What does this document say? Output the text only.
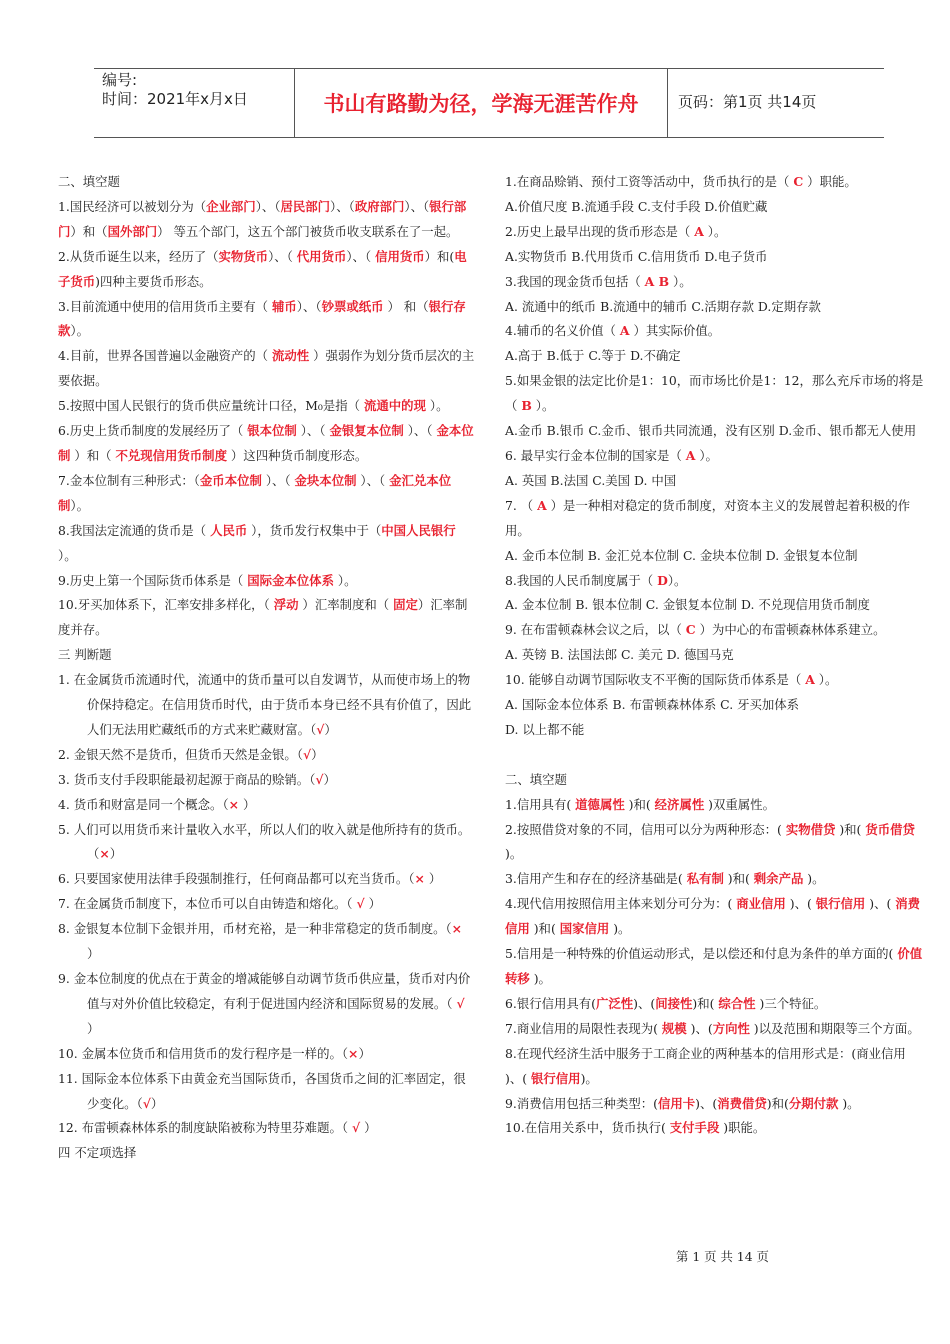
编号:
时间：2021年x月x日	书山有路勤为径，学海无涯苦作舟	页码：第1页 共14页

二、填空题

1.国民经济可以被划分为（企业部门）、（居民部门）、（政府部门）、（银行部门）和（国外部门） 等五个部门，这五个部门被货币收支联系在了一起。

2.从货币诞生以来，经历了（实物货币）、（ 代用货币）、（ 信用货币）和(电子货币)四种主要货币形态。

3.目前流通中使用的信用货币主要有（ 辅币）、（钞票或纸币 ） 和（银行存款）。

4.目前，世界各国普遍以金融资产的（ 流动性 ）强弱作为划分货币层次的主要依据。

5.按照中国人民银行的货币供应量统计口径，M₀是指（ 流通中的现 ）。

6.历史上货币制度的发展经历了（ 银本位制 ）、（ 金银复本位制 ）、（ 金本位制 ）和（ 不兑现信用货币制度 ）这四种货币制度形态。

7.金本位制有三种形式：（金币本位制 ）、（ 金块本位制 ）、（ 金汇兑本位制）。

8.我国法定流通的货币是（ 人民币 ），货币发行权集中于（中国人民银行 ）。

9.历史上第一个国际货币体系是（ 国际金本位体系 ）。

10.牙买加体系下，汇率安排多样化，（ 浮动 ）汇率制度和（ 固定）汇率制度并存。

三 判断题

1. 在金属货币流通时代，流通中的货币量可以自发调节，从而使市场上的物价保持稳定。在信用货币时代，由于货币本身已经不具有价值了，因此人们无法用贮藏纸币的方式来贮藏财富。（√）

2. 金银天然不是货币，但货币天然是金银。（√）

3. 货币支付手段职能最初起源于商品的赊销。（√）

4. 货币和财富是同一个概念。（× ）

5. 人们可以用货币来计量收入水平，所以人们的收入就是他所持有的货币。（×）

6. 只要国家使用法律手段强制推行，任何商品都可以充当货币。（× ）

7. 在金属货币制度下，本位币可以自由铸造和熔化。（ √ ）

8. 金银复本位制下金银并用，币材充裕，是一种非常稳定的货币制度。（× ）

9. 金本位制度的优点在于黄金的增减能够自动调节货币供应量，货币对内价值与对外价值比较稳定，有利于促进国内经济和国际贸易的发展。（ √ ）

10. 金属本位货币和信用货币的发行程序是一样的。（×）

11. 国际金本位体系下由黄金充当国际货币，各国货币之间的汇率固定，很少变化。（√）

12. 布雷顿森林体系的制度缺陷被称为特里芬难题。（ √ ）

四 不定项选择

1.在商品赊销、预付工资等活动中，货币执行的是（ C ）职能。

A.价值尺度 B.流通手段 C.支付手段 D.价值贮藏

2.历史上最早出现的货币形态是（ A ）。

A.实物货币 B.代用货币 C.信用货币 D.电子货币

3.我国的现金货币包括（ A B ）。

A. 流通中的纸币 B.流通中的辅币 C.活期存款 D.定期存款

4.辅币的名义价值（ A ）其实际价值。

A.高于 B.低于 C.等于 D.不确定

5.如果金银的法定比价是1：10，而市场比价是1：12，那么充斥市场的将是（ B ）。

A.金币 B.银币 C.金币、银币共同流通，没有区别 D.金币、银币都无人使用

6. 最早实行金本位制的国家是（ A ）。

A. 英国 B.法国 C.美国 D. 中国

7. （ A ）是一种相对稳定的货币制度，对资本主义的发展曾起着积极的作用。

A. 金币本位制 B. 金汇兑本位制 C. 金块本位制 D. 金银复本位制

8.我国的人民币制度属于（ D）。

A. 金本位制 B. 银本位制 C. 金银复本位制 D. 不兑现信用货币制度

9. 在布雷顿森林会议之后，以（ C ）为中心的布雷顿森林体系建立。

A. 英镑 B. 法国法郎 C. 美元 D. 德国马克

10. 能够自动调节国际收支不平衡的国际货币体系是（ A ）。

A. 国际金本位体系 B. 布雷顿森林体系 C. 牙买加体系

D. 以上都不能

二、填空题

1.信用具有( 道德属性 )和( 经济属性 )双重属性。

2.按照借贷对象的不同，信用可以分为两种形态：( 实物借贷 )和( 货币借贷 )。

3.信用产生和存在的经济基础是( 私有制 )和( 剩余产品 )。

4.现代信用按照信用主体来划分可分为：( 商业信用 )、( 银行信用 )、( 消费信用 )和( 国家信用 )。

5.信用是一种特殊的价值运动形式，是以偿还和付息为条件的单方面的( 价值转移 )。

6.银行信用具有(广泛性)、(间接性)和( 综合性 )三个特征。

7.商业信用的局限性表现为( 规模 )、(方向性 )以及范围和期限等三个方面。

8.在现代经济生活中服务于工商企业的两种基本的信用形式是：(商业信用 )、( 银行信用)。

9.消费信用包括三种类型：(信用卡)、(消费借贷)和(分期付款 )。

10.在信用关系中，货币执行( 支付手段 )职能。

第 1 页 共 14 页
